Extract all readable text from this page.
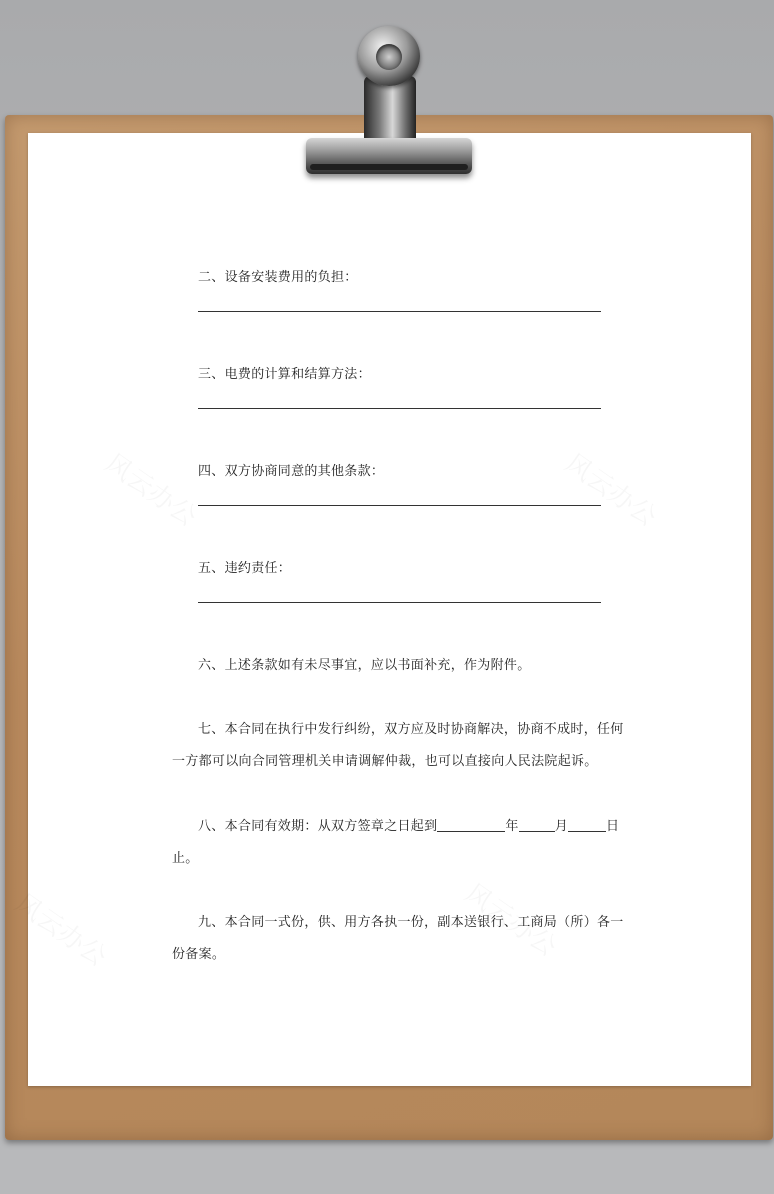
二、设备安装费用的负担：
三、电费的计算和结算方法：
四、双方协商同意的其他条款：
五、违约责任：
六、上述条款如有未尽事宜，应以书面补充，作为附件。
七、本合同在执行中发行纠纷，双方应及时协商解决，协商不成时，任何
一方都可以向合同管理机关申请调解仲裁，也可以直接向人民法院起诉。
八、本合同有效期：从双方签章之日起到	年	月	日
止。
九、本合同一式份，供、用方各执一份，副本送银行、工商局（所）各一
份备案。
